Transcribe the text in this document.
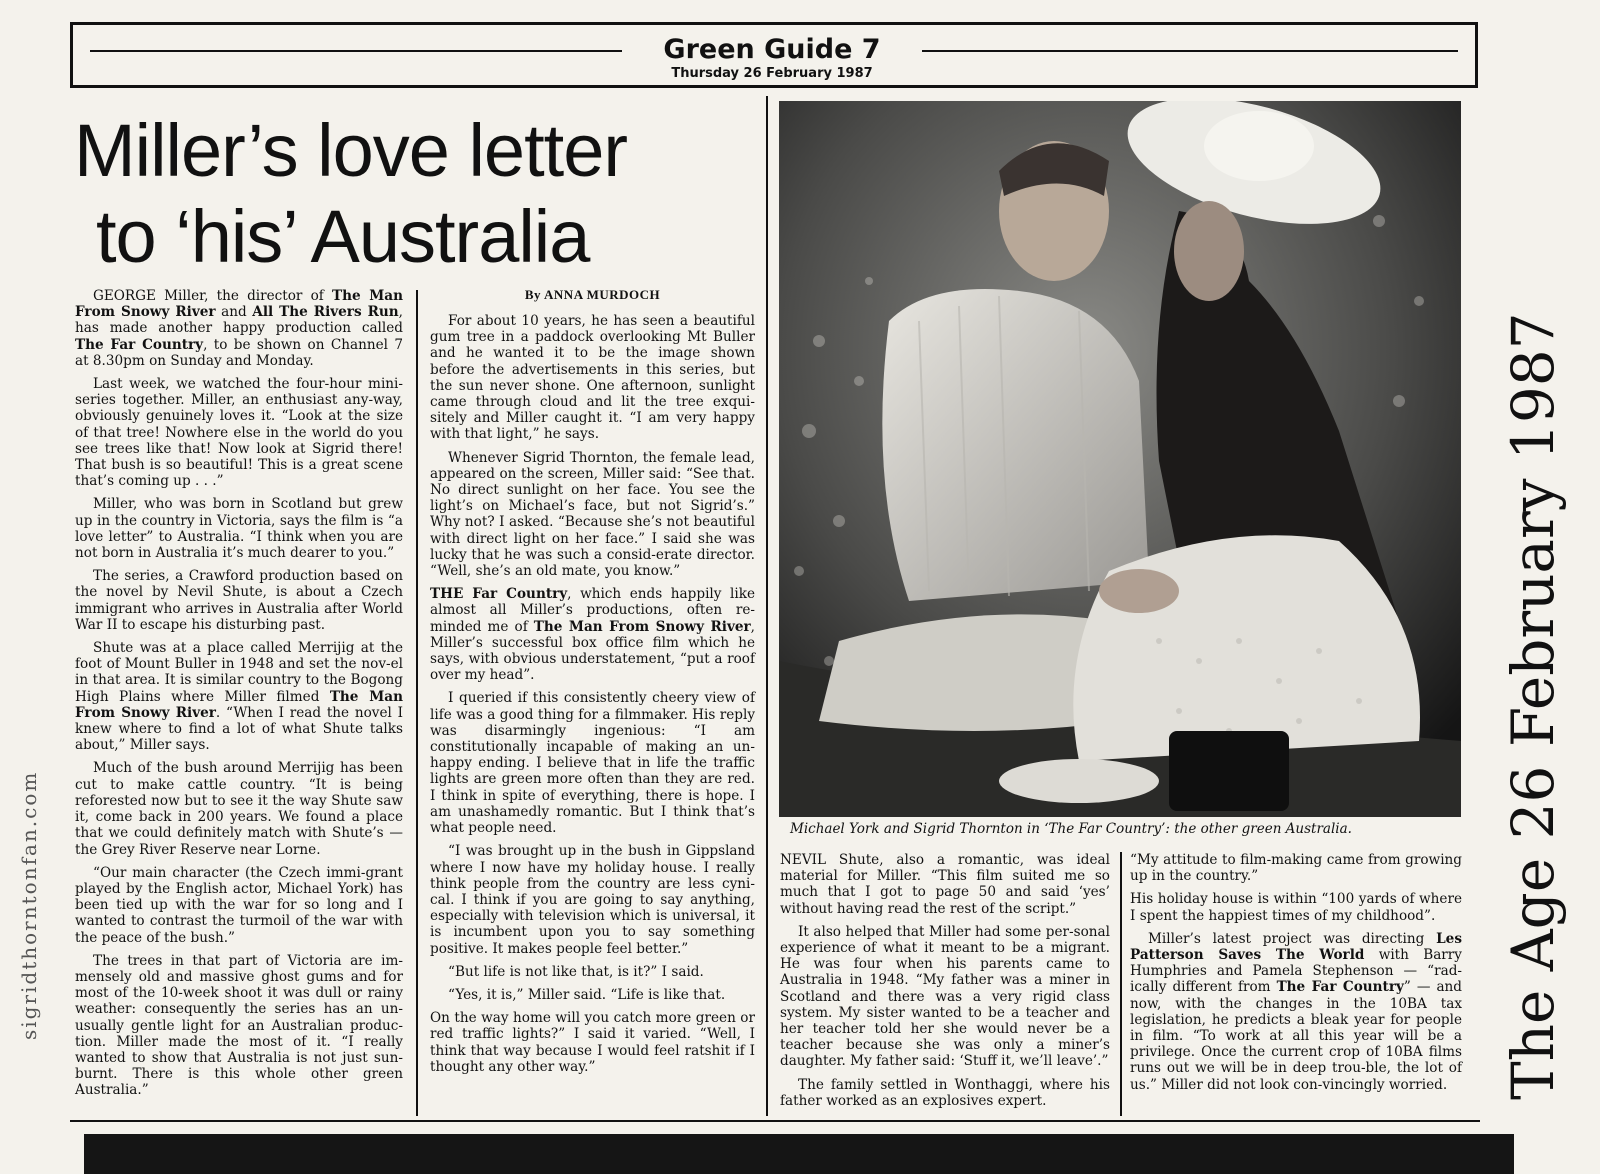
Green Guide 7
Thursday 26 February 1987
Miller’s love letter
to ‘his’ Australia

GEORGE Miller, the director of The Man From Snowy River and All The Rivers Run, has made another happy production called The Far Country, to be shown on Channel 7 at 8.30pm on Sunday and Monday.

Last week, we watched the four-hour mini-series together. Miller, an enthusiast any-way, obviously genuinely loves it. “Look at the size of that tree! Nowhere else in the world do you see trees like that! Now look at Sigrid there! That bush is so beautiful! This is a great scene that’s coming up . . .”

Miller, who was born in Scotland but grew up in the country in Victoria, says the film is “a love letter” to Australia. “I think when you are not born in Australia it’s much dearer to you.”

The series, a Crawford production based on the novel by Nevil Shute, is about a Czech immigrant who arrives in Australia after World War II to escape his disturbing past.

Shute was at a place called Merrijig at the foot of Mount Buller in 1948 and set the nov-el in that area. It is similar country to the Bogong High Plains where Miller filmed The Man From Snowy River. “When I read the novel I knew where to find a lot of what Shute talks about,” Miller says.

Much of the bush around Merrijig has been cut to make cattle country. “It is being reforested now but to see it the way Shute saw it, come back in 200 years. We found a place that we could definitely match with Shute’s — the Grey River Reserve near Lorne.

“Our main character (the Czech immi-grant played by the English actor, Michael York) has been tied up with the war for so long and I wanted to contrast the turmoil of the war with the peace of the bush.”

The trees in that part of Victoria are im-mensely old and massive ghost gums and for most of the 10-week shoot it was dull or rainy weather: consequently the series has an un-usually gentle light for an Australian produc-tion. Miller made the most of it. “I really wanted to show that Australia is not just sun-burnt. There is this whole other green Australia.”

By ANNA MURDOCH

For about 10 years, he has seen a beautiful gum tree in a paddock overlooking Mt Buller and he wanted it to be the image shown before the advertisements in this series, but the sun never shone. One afternoon, sunlight came through cloud and lit the tree exqui-sitely and Miller caught it. “I am very happy with that light,” he says.

Whenever Sigrid Thornton, the female lead, appeared on the screen, Miller said: “See that. No direct sunlight on her face. You see the light’s on Michael’s face, but not Sigrid’s.” Why not? I asked. “Because she’s not beautiful with direct light on her face.” I said she was lucky that he was such a consid-erate director. “Well, she’s an old mate, you know.”

THE Far Country, which ends happily like almost all Miller’s productions, often re-minded me of The Man From Snowy River, Miller’s successful box office film which he says, with obvious understatement, “put a roof over my head”.

I queried if this consistently cheery view of life was a good thing for a filmmaker. His reply was disarmingly ingenious: “I am constitutionally incapable of making an un-happy ending. I believe that in life the traffic lights are green more often than they are red. I think in spite of everything, there is hope. I am unashamedly romantic. But I think that’s what people need.

“I was brought up in the bush in Gippsland where I now have my holiday house. I really think people from the country are less cyni-cal. I think if you are going to say anything, especially with television which is universal, it is incumbent upon you to say something positive. It makes people feel better.”

“But life is not like that, is it?” I said.

“Yes, it is,” Miller said. “Life is like that.

On the way home will you catch more green or red traffic lights?” I said it varied. “Well, I think that way because I would feel ratshit if I thought any other way.”

Michael York and Sigrid Thornton in ‘The Far Country’: the other green Australia.

NEVIL Shute, also a romantic, was ideal material for Miller. “This film suited me so much that I got to page 50 and said ‘yes’ without having read the rest of the script.”

It also helped that Miller had some per-sonal experience of what it meant to be a migrant. He was four when his parents came to Australia in 1948. “My father was a miner in Scotland and there was a very rigid class system. My sister wanted to be a teacher and her teacher told her she would never be a teacher because she was only a miner’s daughter. My father said: ‘Stuff it, we’ll leave’.”

The family settled in Wonthaggi, where his father worked as an explosives expert.

“My attitude to film-making came from growing up in the country.”

His holiday house is within “100 yards of where I spent the happiest times of my childhood”.

Miller’s latest project was directing Les Patterson Saves The World with Barry Humphries and Pamela Stephenson — “rad-ically different from The Far Country” — and now, with the changes in the 10BA tax legislation, he predicts a bleak year for people in film. “To work at all this year will be a privilege. Once the current crop of 10BA films runs out we will be in deep trou-ble, the lot of us.” Miller did not look con-vincingly worried. The Age 26 February 1987
sigridthorntonfan.com
